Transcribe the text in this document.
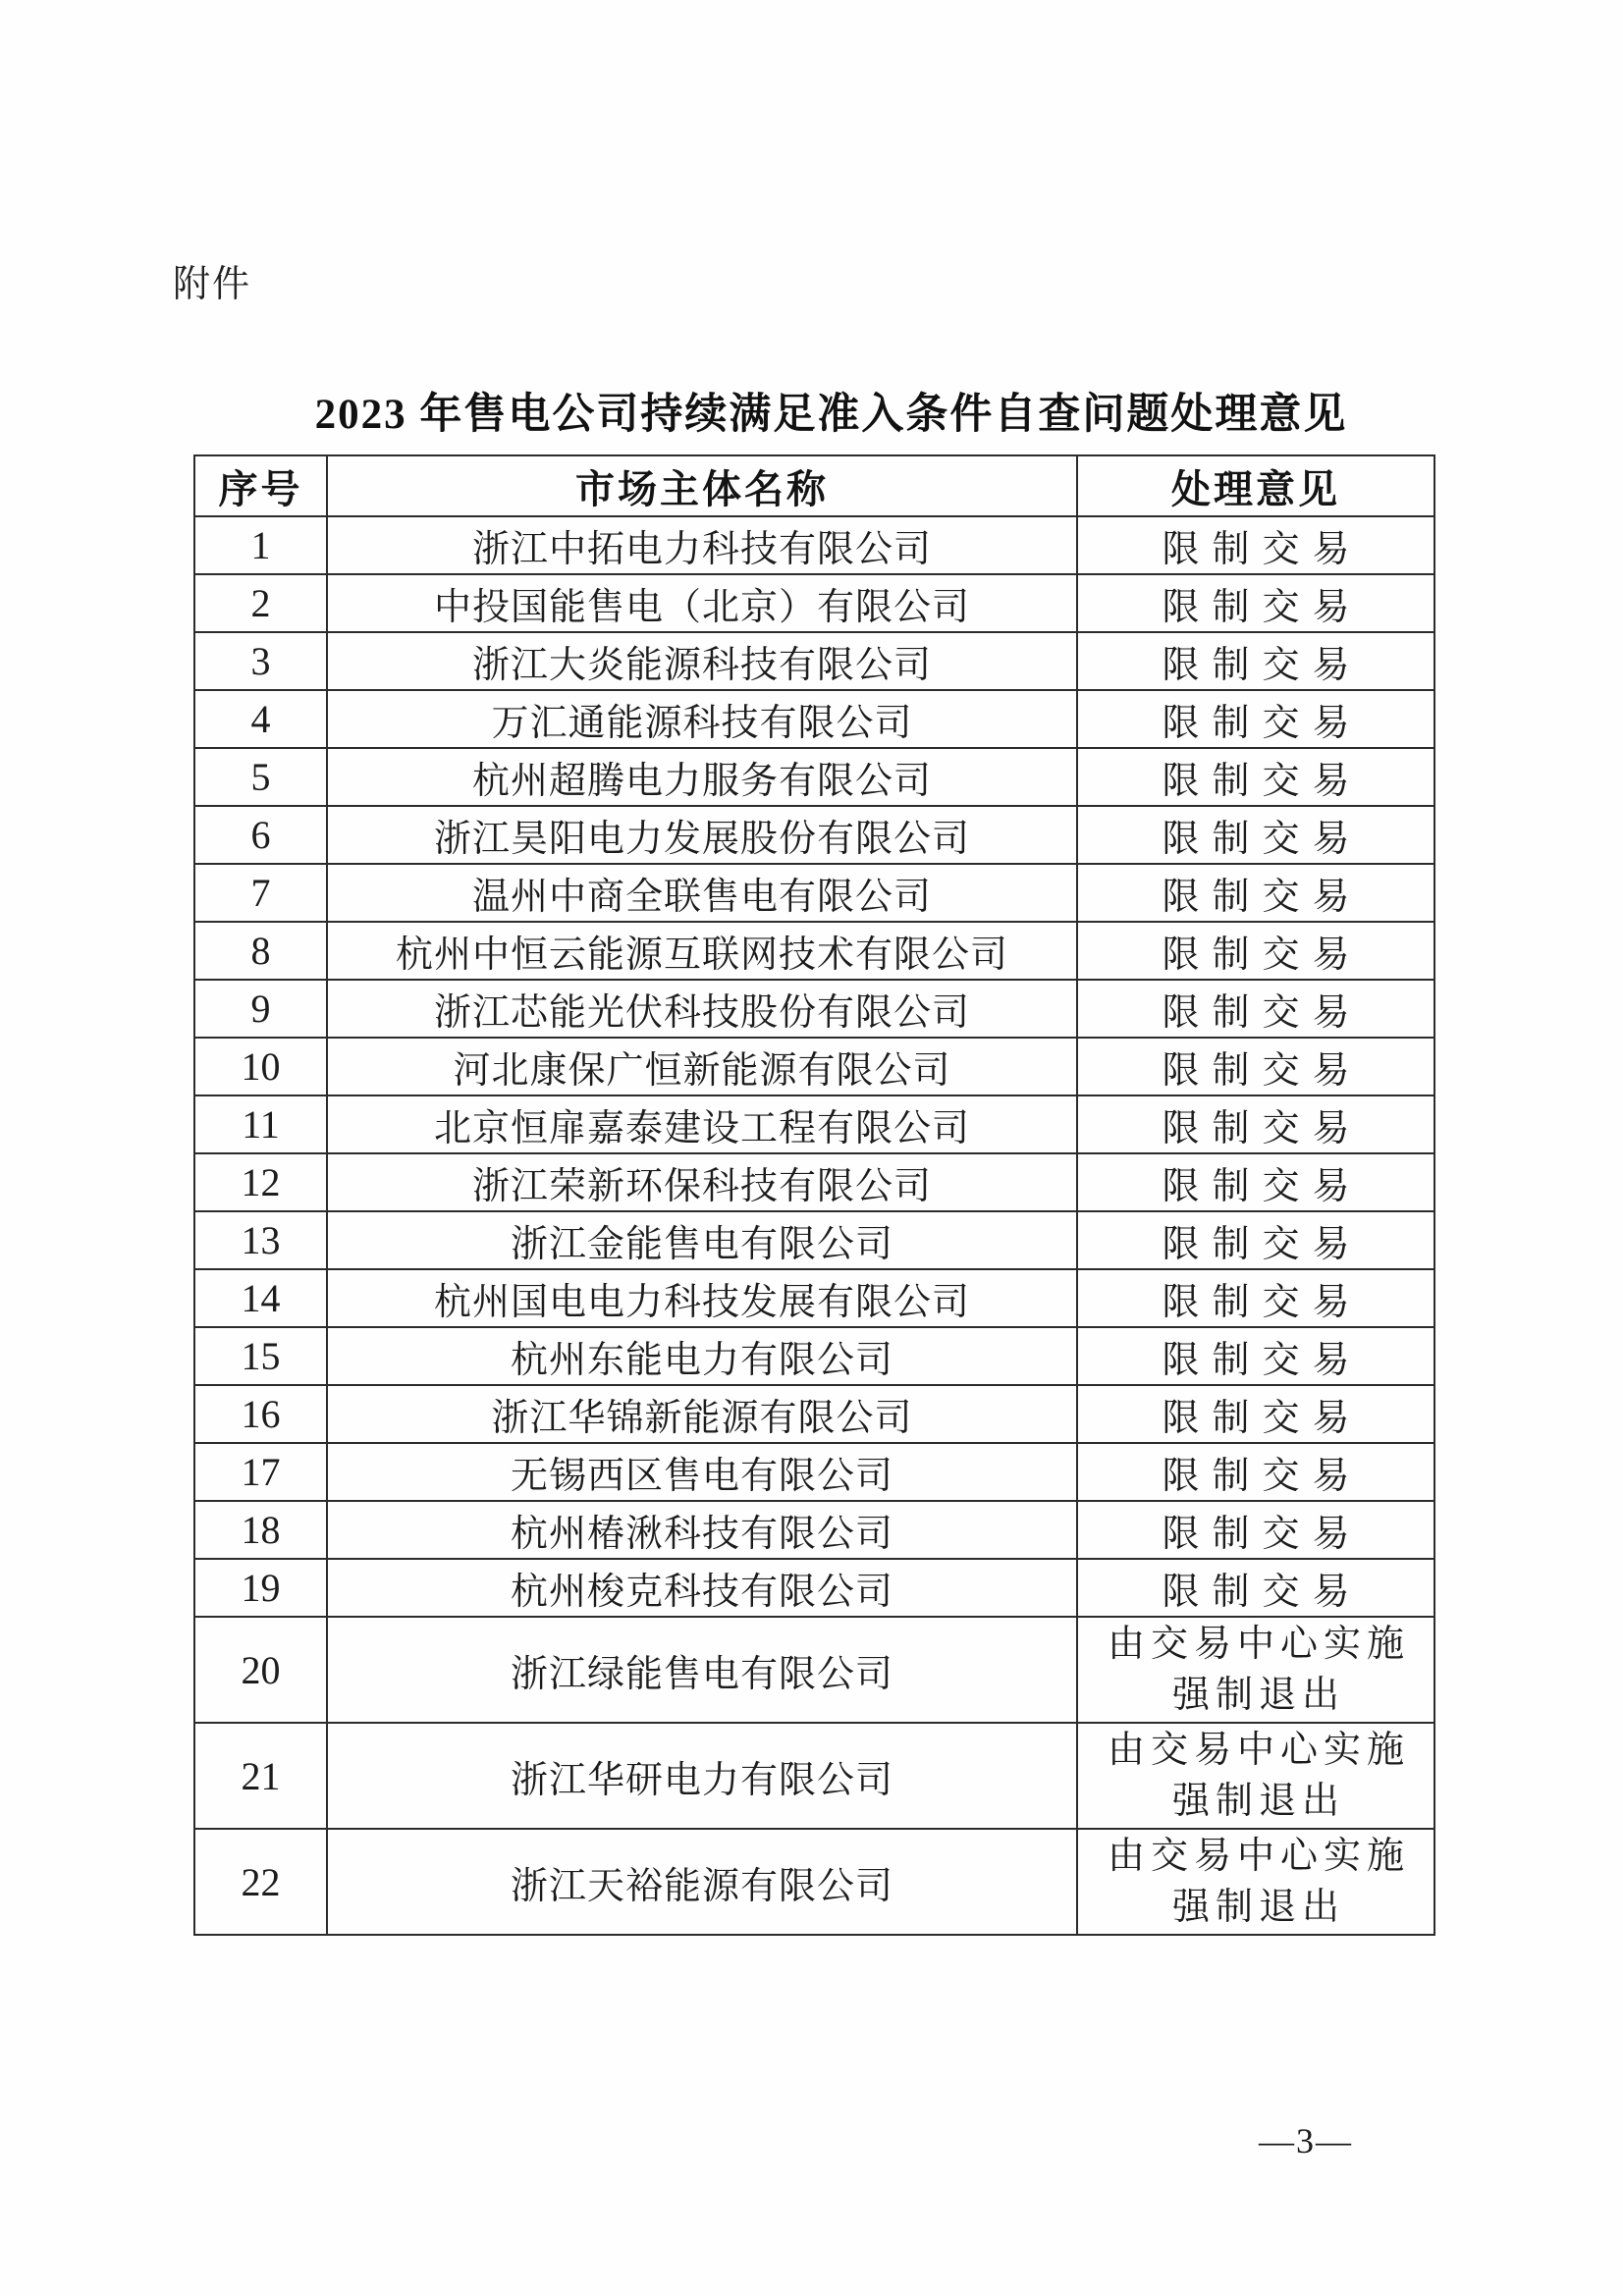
附件
2023 年售电公司持续满足准入条件自查问题处理意见
序号	市场主体名称	处理意见
1	浙江中拓电力科技有限公司	限制交易

2	中投国能售电（北京）有限公司	限制交易

3	浙江大炎能源科技有限公司	限制交易

4	万汇通能源科技有限公司	限制交易

5	杭州超腾电力服务有限公司	限制交易

6	浙江昊阳电力发展股份有限公司	限制交易

7	温州中商全联售电有限公司	限制交易

8	杭州中恒云能源互联网技术有限公司	限制交易

9	浙江芯能光伏科技股份有限公司	限制交易

10	河北康保广恒新能源有限公司	限制交易

11	北京恒扉嘉泰建设工程有限公司	限制交易

12	浙江荣新环保科技有限公司	限制交易

13	浙江金能售电有限公司	限制交易

14	杭州国电电力科技发展有限公司	限制交易

15	杭州东能电力有限公司	限制交易

16	浙江华锦新能源有限公司	限制交易

17	无锡西区售电有限公司	限制交易

18	杭州椿湫科技有限公司	限制交易

19	杭州梭克科技有限公司	限制交易

20	浙江绿能售电有限公司	由交易中心实施
强制退出

21	浙江华研电力有限公司	由交易中心实施
强制退出

22	浙江天裕能源有限公司	由交易中心实施
强制退出
—3—
